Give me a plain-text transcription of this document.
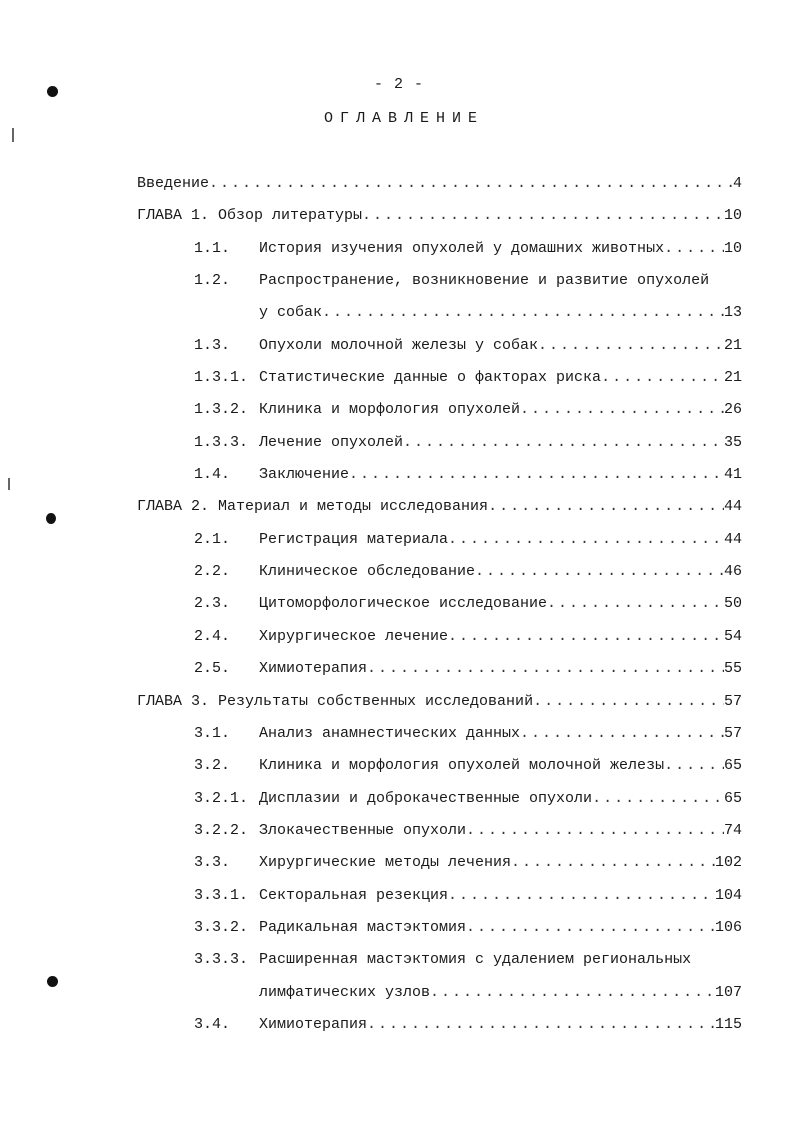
- 2 -
ОГЛАВЛЕНИЕ
Введение .....	4
ГЛАВА 1. Обзор литературы .....	10
1.1.	История изучения опухолей у домашних животных .....	10
1.2.	Распространение, возникновение и развитие опухолей
у собак .....	13
1.3.	Опухоли молочной железы у собак .....	21
1.3.1. Статистические данные о факторах риска .....	21
1.3.2. Клиника и морфология опухолей .....	26
1.3.3. Лечение опухолей .....	35
1.4.	Заключение .....	41
ГЛАВА 2. Материал и методы исследования .....	44
2.1.	Регистрация материала .....	44
2.2.	Клиническое обследование .....	46
2.3.	Цитоморфологическое исследование .....	50
2.4.	Хирургическое лечение .....	54
2.5.	Химиотерапия .....	55
ГЛАВА 3. Результаты собственных исследований .....	57
3.1.	Анализ анамнестических данных .....	57
3.2.	Клиника и морфология опухолей молочной железы .....	65
3.2.1. Дисплазии и доброкачественные опухоли .....	65
3.2.2. Злокачественные опухоли .....	74
3.3.	Хирургические методы лечения .....	102
3.3.1. Секторальная резекция .....	104
3.3.2. Радикальная мастэктомия .....	106
3.3.3. Расширенная мастэктомия с удалением региональных
лимфатических узлов .....	107
3.4.	Химиотерапия .....	115
